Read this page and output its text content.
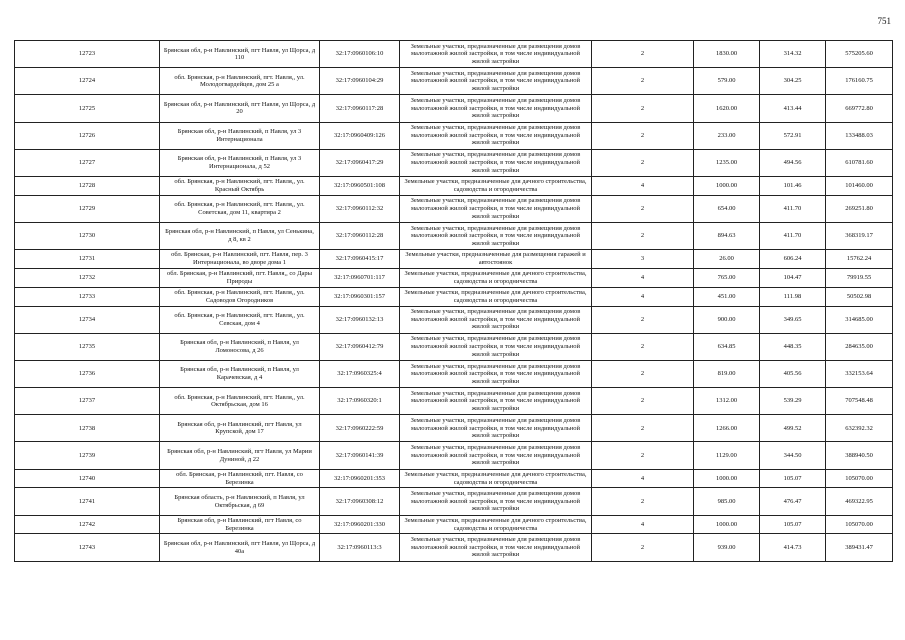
751
12723	Брянская обл, р-н Навлинский, пгт Навля, ул Щорса, д 110	32:17:0960106:10	Земельные участки, предназначенные для размещения домов малоэтажной жилой застройки, в том числе индивидуальной жилой застройки	2	1830.00	314.32	575205.60
12724	обл. Брянская, р-н Навлинский, пгт. Навля,, ул. Молодогвардейцев, дом 25 а	32:17:0960104:29	Земельные участки, предназначенные для размещения домов малоэтажной жилой застройки, в том числе индивидуальной жилой застройки	2	579.00	304.25	176160.75
12725	Брянская обл, р-н Навлинский, пгт Навля, ул Щорса, д 20	32:17:0960117:28	Земельные участки, предназначенные для размещения домов малоэтажной жилой застройки, в том числе индивидуальной жилой застройки	2	1620.00	413.44	669772.80
12726	Брянская обл, р-н Навлинский, п Навля, ул 3 Интернационала	32:17:0960409:126	Земельные участки, предназначенные для размещения домов малоэтажной жилой застройки, в том числе индивидуальной жилой застройки	2	233.00	572.91	133488.03
12727	Брянская обл, р-н Навлинский, п Навля, ул 3 Интернационала, д 52	32:17:0960417:29	Земельные участки, предназначенные для размещения домов малоэтажной жилой застройки, в том числе индивидуальной жилой застройки	2	1235.00	494.56	610781.60
12728	обл. Брянская, р-н Навлинский, пгт. Навля,, ул. Красный Октябрь	32:17:0960501:108	Земельные участки, предназначенные для дачного строительства, садоводства и огородничества	4	1000.00	101.46	101460.00
12729	обл. Брянская, р-н Навлинский, пгт. Навля,, ул. Советская, дом 11, квартира 2	32:17:0960112:32	Земельные участки, предназначенные для размещения домов малоэтажной жилой застройки, в том числе индивидуальной жилой застройки	2	654.00	411.70	269251.80
12730	Брянская обл, р-н Навлинский, п Навля, ул Сенькина, д 8, кв 2	32:17:0960112:28	Земельные участки, предназначенные для размещения домов малоэтажной жилой застройки, в том числе индивидуальной жилой застройки	2	894.63	411.70	368319.17
12731	обл. Брянская, р-н Навлинский, пгт. Навля, пер. 3 Интернационала, во дворе дома 1	32:17:0960415:17	Земельные участки, предназначенные для размещения гаражей и автостоянок	3	26.00	606.24	15762.24
12732	обл. Брянская, р-н Навлинский, пгт. Навля,, со Дары Природы	32:17:0960701:117	Земельные участки, предназначенные для дачного строительства, садоводства и огородничества	4	765.00	104.47	79919.55
12733	обл. Брянская, р-н Навлинский, пгт. Навля,, ул. Садоводов Огородников	32:17:0960301:157	Земельные участки, предназначенные для дачного строительства, садоводства и огородничества	4	451.00	111.98	50502.98
12734	обл. Брянская, р-н Навлинский, пгт. Навля,, ул. Севская, дом 4	32:17:0960132:13	Земельные участки, предназначенные для размещения домов малоэтажной жилой застройки, в том числе индивидуальной жилой застройки	2	900.00	349.65	314685.00
12735	Брянская обл, р-н Навлинский, п Навля, ул Ломоносова, д 26	32:17:0960412:79	Земельные участки, предназначенные для размещения домов малоэтажной жилой застройки, в том числе индивидуальной жилой застройки	2	634.85	448.35	284635.00
12736	Брянская обл, р-н Навлинский, п Навля, ул Карачевская, д 4	32:17:0960325:4	Земельные участки, предназначенные для размещения домов малоэтажной жилой застройки, в том числе индивидуальной жилой застройки	2	819.00	405.56	332153.64
12737	обл. Брянская, р-н Навлинский, пгт. Навля,, ул. Октябрьская, дом 16	32:17:0960320:1	Земельные участки, предназначенные для размещения домов малоэтажной жилой застройки, в том числе индивидуальной жилой застройки	2	1312.00	539.29	707548.48
12738	Брянская обл, р-н Навлинский, пгт Навля, ул Крупской, дом 17	32:17:0960222:59	Земельные участки, предназначенные для размещения домов малоэтажной жилой застройки, в том числе индивидуальной жилой застройки	2	1266.00	499.52	632392.32
12739	Брянская обл, р-н Навлинский, пгт Навля, ул Марии Дуниной, д 22	32:17:0960141:39	Земельные участки, предназначенные для размещения домов малоэтажной жилой застройки, в том числе индивидуальной жилой застройки	2	1129.00	344.50	388940.50
12740	обл. Брянская, р-н Навлинский, пгт. Навля, со Березинка	32:17:0960201:353	Земельные участки, предназначенные для дачного строительства, садоводства и огородничества	4	1000.00	105.07	105070.00
12741	Брянская область, р-н Навлинский, п Навля, ул Октябрьская, д 69	32:17:0960308:12	Земельные участки, предназначенные для размещения домов малоэтажной жилой застройки, в том числе индивидуальной жилой застройки	2	985.00	476.47	469322.95
12742	Брянская обл, р-н Навлинский, пгт Навля, со Березинка	32:17:0960201:330	Земельные участки, предназначенные для дачного строительства, садоводства и огородничества	4	1000.00	105.07	105070.00
12743	Брянская обл, р-н Навлинский, пгт Навля, ул Щорса, д 40а	32:17:0960113:3	Земельные участки, предназначенные для размещения домов малоэтажной жилой застройки, в том числе индивидуальной жилой застройки	2	939.00	414.73	389431.47
